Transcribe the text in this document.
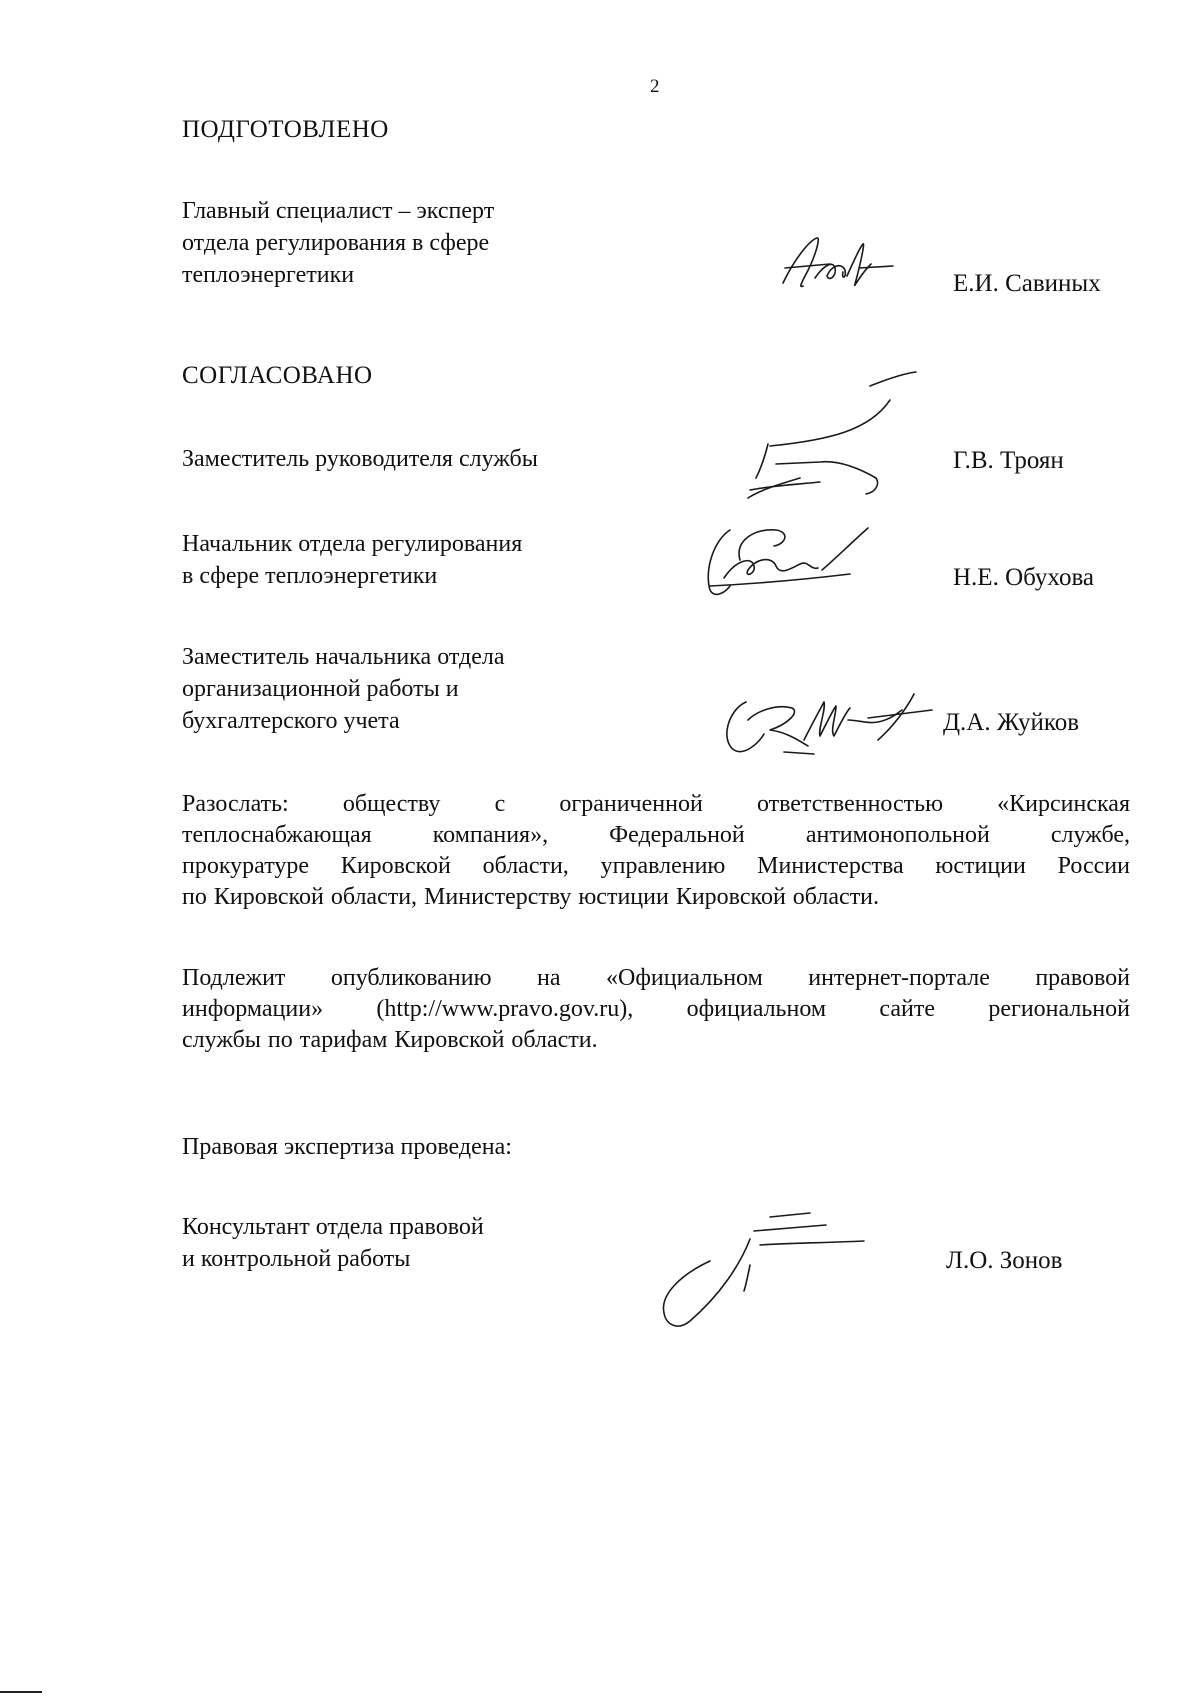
2
ПОДГОТОВЛЕНО
Главный специалист – эксперт
отдела регулирования в сфере
теплоэнергетики	Е.И. Савиных
СОГЛАСОВАНО
Заместитель руководителя службы	Г.В. Троян
Начальник отдела регулирования
в сфере теплоэнергетики	Н.Е. Обухова
Заместитель начальника отдела
организационной работы и
бухгалтерского учета	Д.А. Жуйков
Разослать: обществу с ограниченной ответственностью «Кирсинская
теплоснабжающая компания», Федеральной антимонопольной службе,
прокуратуре Кировской области, управлению Министерства юстиции России
по Кировской области, Министерству юстиции Кировской области.
Подлежит опубликованию на «Официальном интернет-портале правовой
информации» (http://www.pravo.gov.ru), официальном сайте региональной
службы по тарифам Кировской области.
Правовая экспертиза проведена:
Консультант отдела правовой
и контрольной работы	Л.О. Зонов
